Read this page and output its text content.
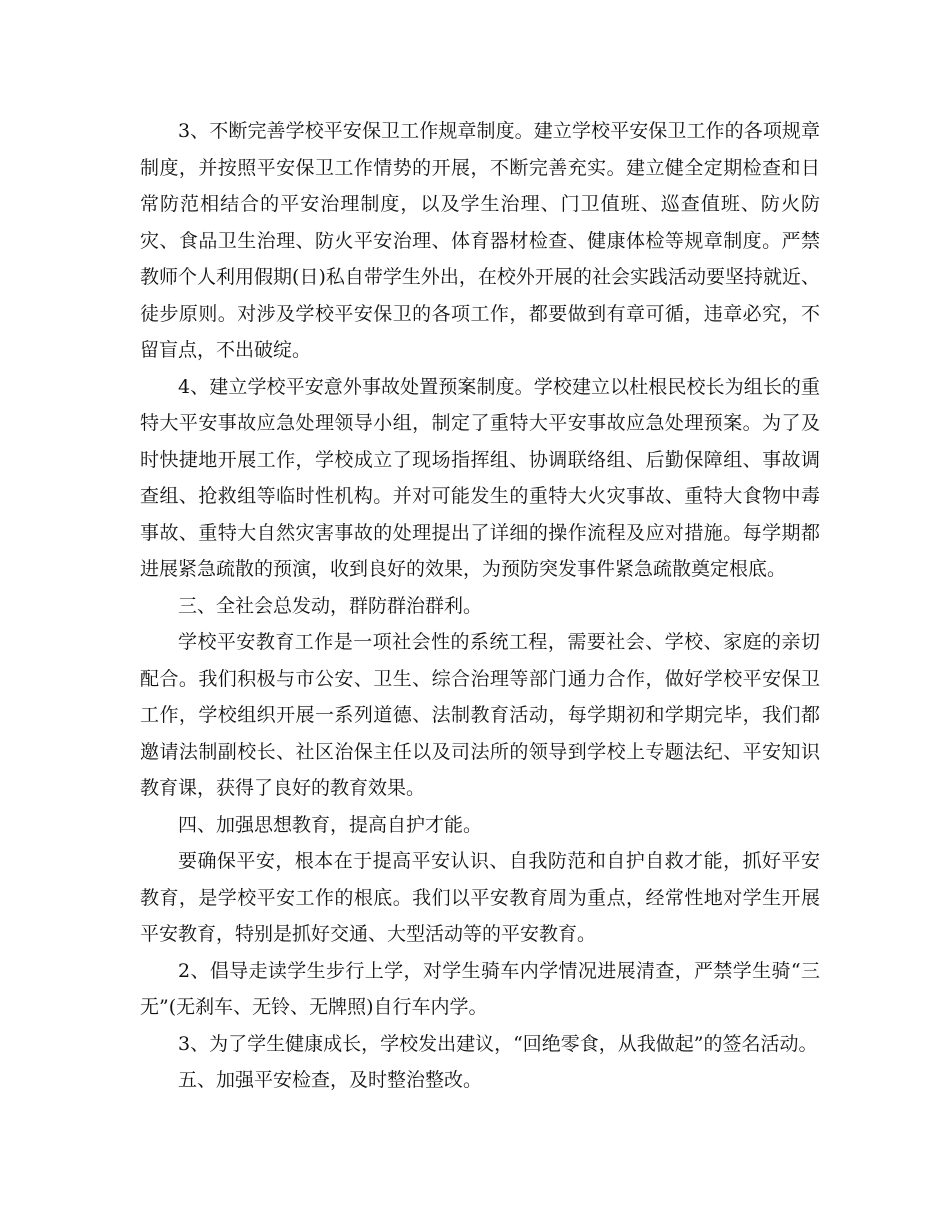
3、不断完善学校平安保卫工作规章制度。建立学校平安保卫工作的各项规章制度，并按照平安保卫工作情势的开展，不断完善充实。建立健全定期检查和日常防范相结合的平安治理制度，以及学生治理、门卫值班、巡查值班、防火防灾、食品卫生治理、防火平安治理、体育器材检查、健康体检等规章制度。严禁教师个人利用假期(日)私自带学生外出，在校外开展的社会实践活动要坚持就近、徒步原则。对涉及学校平安保卫的各项工作，都要做到有章可循，违章必究，不留盲点，不出破绽。

4、建立学校平安意外事故处置预案制度。学校建立以杜根民校长为组长的重特大平安事故应急处理领导小组，制定了重特大平安事故应急处理预案。为了及时快捷地开展工作，学校成立了现场指挥组、协调联络组、后勤保障组、事故调查组、抢救组等临时性机构。并对可能发生的重特大火灾事故、重特大食物中毒事故、重特大自然灾害事故的处理提出了详细的操作流程及应对措施。每学期都进展紧急疏散的预演，收到良好的效果，为预防突发事件紧急疏散奠定根底。

三、全社会总发动，群防群治群利。

学校平安教育工作是一项社会性的系统工程，需要社会、学校、家庭的亲切配合。我们积极与市公安、卫生、综合治理等部门通力合作，做好学校平安保卫工作，学校组织开展一系列道德、法制教育活动，每学期初和学期完毕，我们都邀请法制副校长、社区治保主任以及司法所的领导到学校上专题法纪、平安知识教育课，获得了良好的教育效果。

四、加强思想教育，提高自护才能。

要确保平安，根本在于提高平安认识、自我防范和自护自救才能，抓好平安教育，是学校平安工作的根底。我们以平安教育周为重点，经常性地对学生开展平安教育，特别是抓好交通、大型活动等的平安教育。

2、倡导走读学生步行上学，对学生骑车内学情况进展清查，严禁学生骑“三无”(无刹车、无铃、无牌照)自行车内学。

3、为了学生健康成长，学校发出建议，“回绝零食，从我做起”的签名活动。

五、加强平安检查，及时整治整改。
